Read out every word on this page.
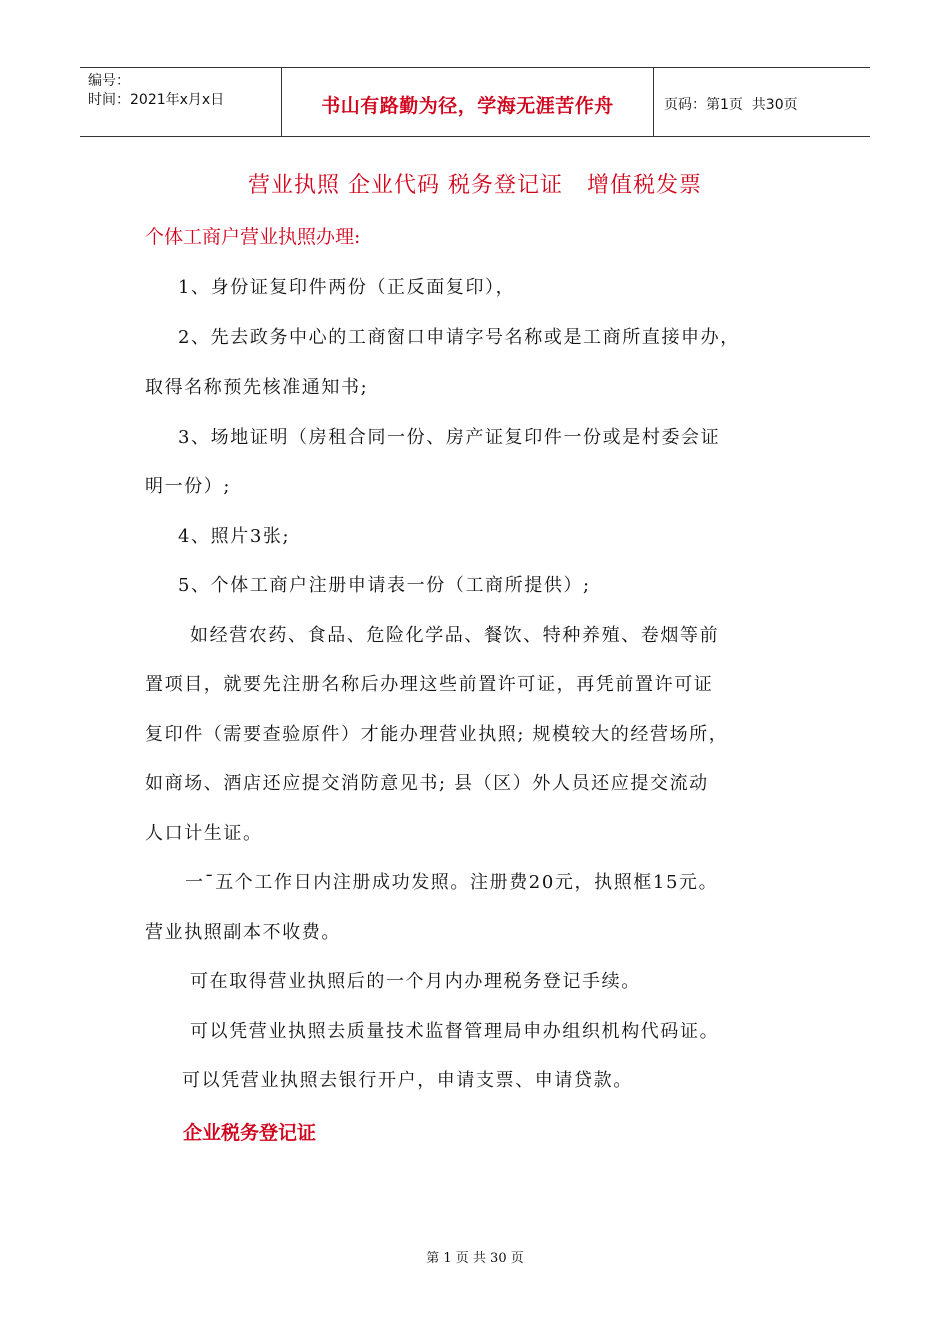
编号：
时间：2021年x月x日	书山有路勤为径，学海无涯苦作舟	页码：第1页  共30页
营业执照 企业代码 税务登记证   增值税发票
个体工商户营业执照办理:
1、身份证复印件两份（正反面复印），
2、先去政务中心的工商窗口申请字号名称或是工商所直接申办，
取得名称预先核准通知书;
3、场地证明（房租合同一份、房产证复印件一份或是村委会证
明一份）;
4、照片3张;
5、个体工商户注册申请表一份（工商所提供）;
如经营农药、食品、危险化学品、餐饮、特种养殖、卷烟等前
置项目，就要先注册名称后办理这些前置许可证，再凭前置许可证
复印件（需要查验原件）才能办理营业执照; 规模较大的经营场所，
如商场、酒店还应提交消防意见书; 县（区）外人员还应提交流动
人口计生证。
一¯五个工作日内注册成功发照。注册费20元，执照框15元。
营业执照副本不收费。
可在取得营业执照后的一个月内办理税务登记手续。
可以凭营业执照去质量技术监督管理局申办组织机构代码证。
可以凭营业执照去银行开户，申请支票、申请贷款。
企业税务登记证
第 1 页 共 30 页
